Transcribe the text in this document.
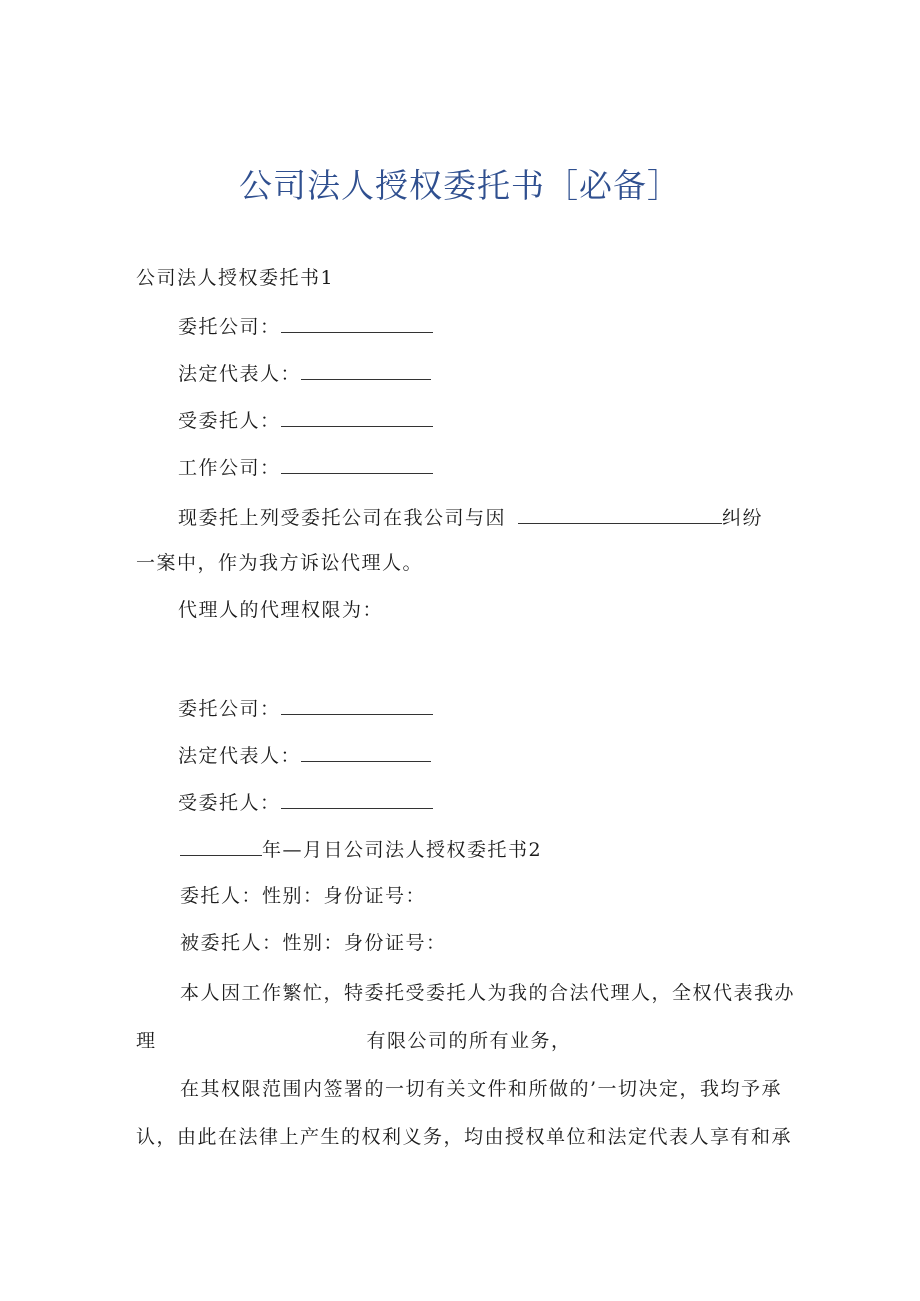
公司法人授权委托书［必备］
公司法人授权委托书1
委托公司：
法定代表人：
受委托人：
工作公司：
现委托上列受委托公司在我公司与因	纠纷
一案中，作为我方诉讼代理人。
代理人的代理权限为：
委托公司：
法定代表人：
受委托人：
年—月日公司法人授权委托书2
委托人：性别：身份证号：
被委托人：性别：身份证号：
本人因工作繁忙，特委托受委托人为我的合法代理人，全权代表我办
理	有限公司的所有业务，
在其权限范围内签署的一切有关文件和所做的’一切决定，我均予承
认，由此在法律上产生的权利义务，均由授权单位和法定代表人享有和承
